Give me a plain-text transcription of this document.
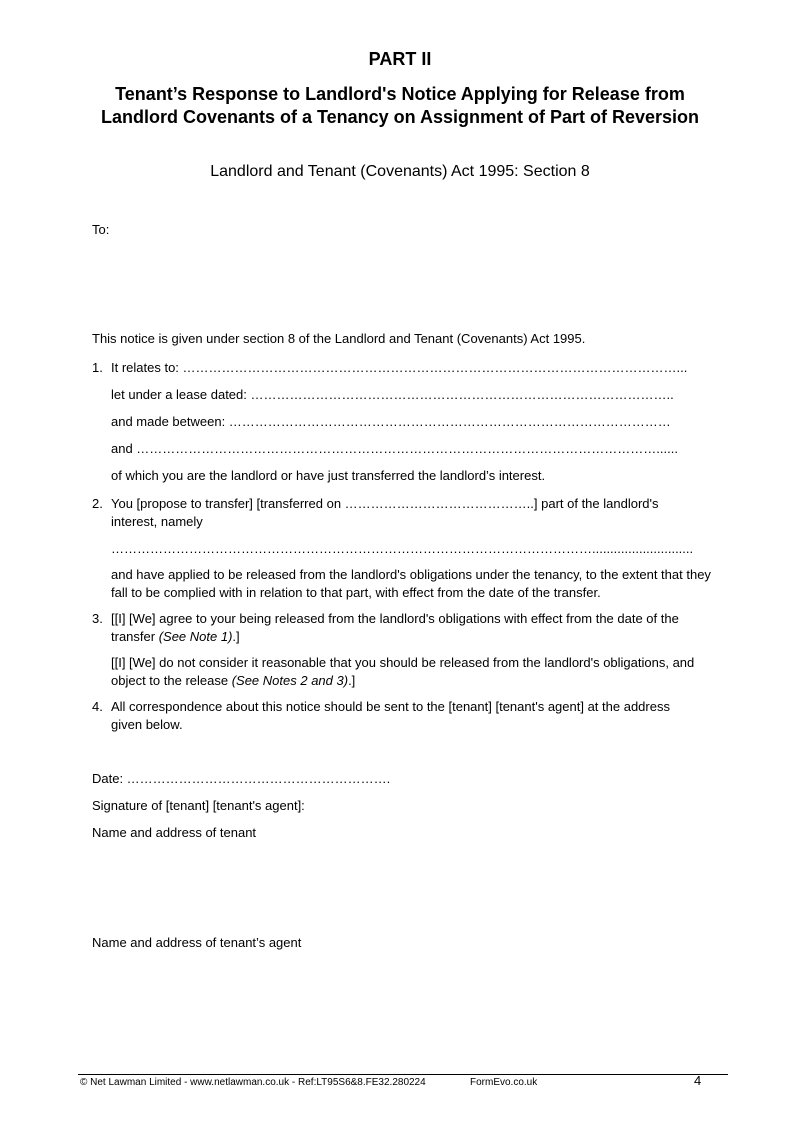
PART II
Tenant’s Response to Landlord's Notice Applying for Release from Landlord Covenants of a Tenancy on Assignment of Part of Reversion
Landlord and Tenant (Covenants) Act 1995: Section 8
To:
This notice is given under section 8 of the Landlord and Tenant (Covenants) Act 1995.
1. It relates to: ……………………………………………………………………………………………………...
let under a lease dated: ……………………………………………………………………………………..
and made between: …………………………………………………………………………………………
and …………………………………………………………………………………………………………......
of which you are the landlord or have just transferred the landlord’s interest.
2. You [propose to transfer] [transferred on ……………………………………..] part of the landlord's interest, namely
…………………………………………………………………………………………………............................
and have applied to be released from the landlord's obligations under the tenancy, to the extent that they fall to be complied with in relation to that part, with effect from the date of the transfer.
3. [[I] [We] agree to your being released from the landlord's obligations with effect from the date of the transfer (See Note 1).]
[[I] [We] do not consider it reasonable that you should be released from the landlord's obligations, and object to the release (See Notes 2 and 3).]
4. All correspondence about this notice should be sent to the [tenant] [tenant's agent] at the address given below.
Date: …………………………………………………….
Signature of [tenant] [tenant's agent]:
Name and address of tenant
Name and address of tenant’s agent
© Net Lawman Limited - www.netlawman.co.uk - Ref:LT95S6&8.FE32.280224	FormEvo.co.uk	4
